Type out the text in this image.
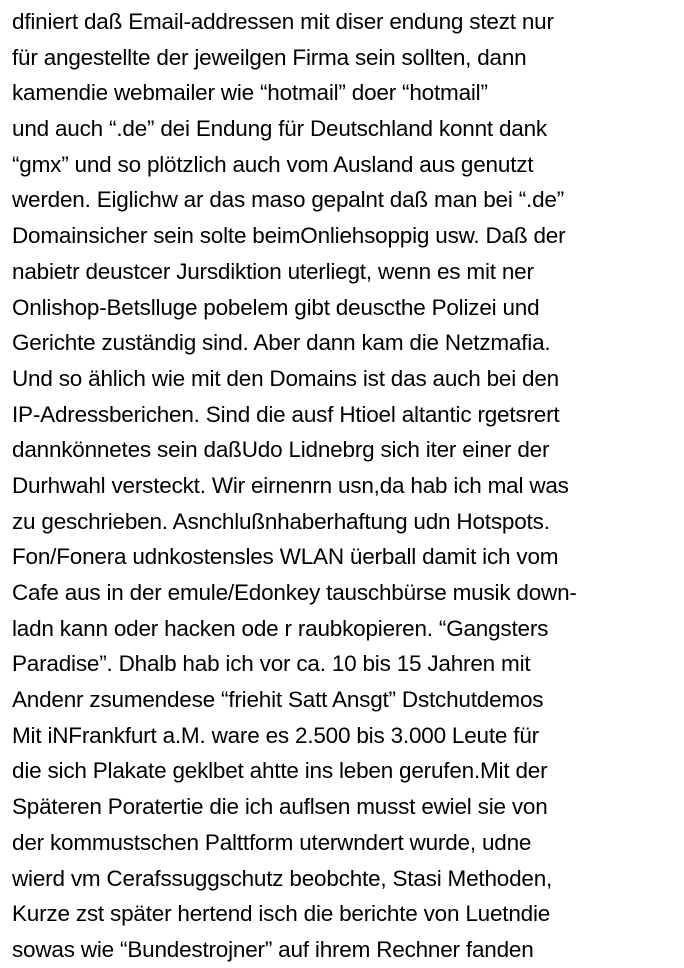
dfiniert daß Email-addressen mit diser endung stezt nur
für angestellte der jeweilgen Firma sein sollten, dann
kamendie webmailer wie “hotmail” doer “hotmail”
und auch “.de” dei Endung für Deutschland konnt dank
“gmx” und so plötzlich auch vom Ausland aus genutzt
werden. Eiglichw ar das maso gepalnt daß man bei “.de”
Domainsicher sein solte beimOnliehsoppig usw. Daß der
nabietr deustcer Jursdiktion uterliegt, wenn es mit ner
Onlishop-Betslluge pobelem gibt deuscthe Polizei und
Gerichte zuständig sind. Aber dann kam die Netzmafia.
Und so ählich wie mit den Domains ist das auch bei den
IP-Adressberichen. Sind die ausf Htioel altantic rgetsrert
dannkönnetes sein daßUdo Lidnebrg sich iter einer der
Durhwahl versteckt. Wir eirnenrn usn,da hab ich mal was
zu geschrieben. Asnchlußnhaberhaftung udn Hotspots.
Fon/Fonera udnkostensles WLAN üerball damit ich vom
Cafe aus in der emule/Edonkey tauschbürse musik down-
ladn kann oder hacken ode r raubkopieren. “Gangsters
Paradise”. Dhalb hab ich vor ca. 10 bis 15 Jahren mit
Andenr zsumendese “friehit Satt Ansgt” Dstchutdemos
Mit iNFrankfurt a.M. ware es 2.500 bis 3.000 Leute für
die sich Plakate geklbet ahtte ins leben gerufen.Mit der
Späteren Poratertie die ich auflsen musst ewiel sie von
der kommustschen Palttform uterwndert wurde, udne
wierd vm Cerafssuggschutz beobchte, Stasi Methoden,
Kurze zst später hertend isch die berichte von Luetndie
sowas wie “Bundestrojner” auf ihrem Rechner fanden
